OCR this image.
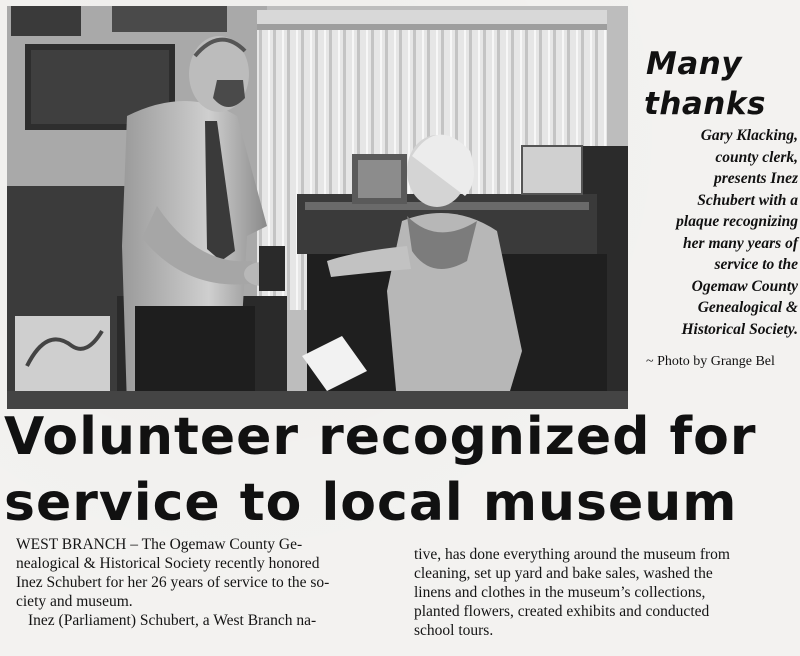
Many
thanks

Gary Klacking,
county clerk,
presents Inez
Schubert with a
plaque recognizing
her many years of
service to the
Ogemaw County
Genealogical &
Historical Society.

~ Photo by Grange Bel
Volunteer recognized for
service to local museum
WEST BRANCH – The Ogemaw County Ge-
nealogical & Historical Society recently honored
Inez Schubert for her 26 years of service to the so-
ciety and museum.
Inez (Parliament) Schubert, a West Branch na-
tive, has done everything around the museum from
cleaning, set up yard and bake sales, washed the
linens and clothes in the museum’s collections,
planted flowers, created exhibits and conducted
school tours.
